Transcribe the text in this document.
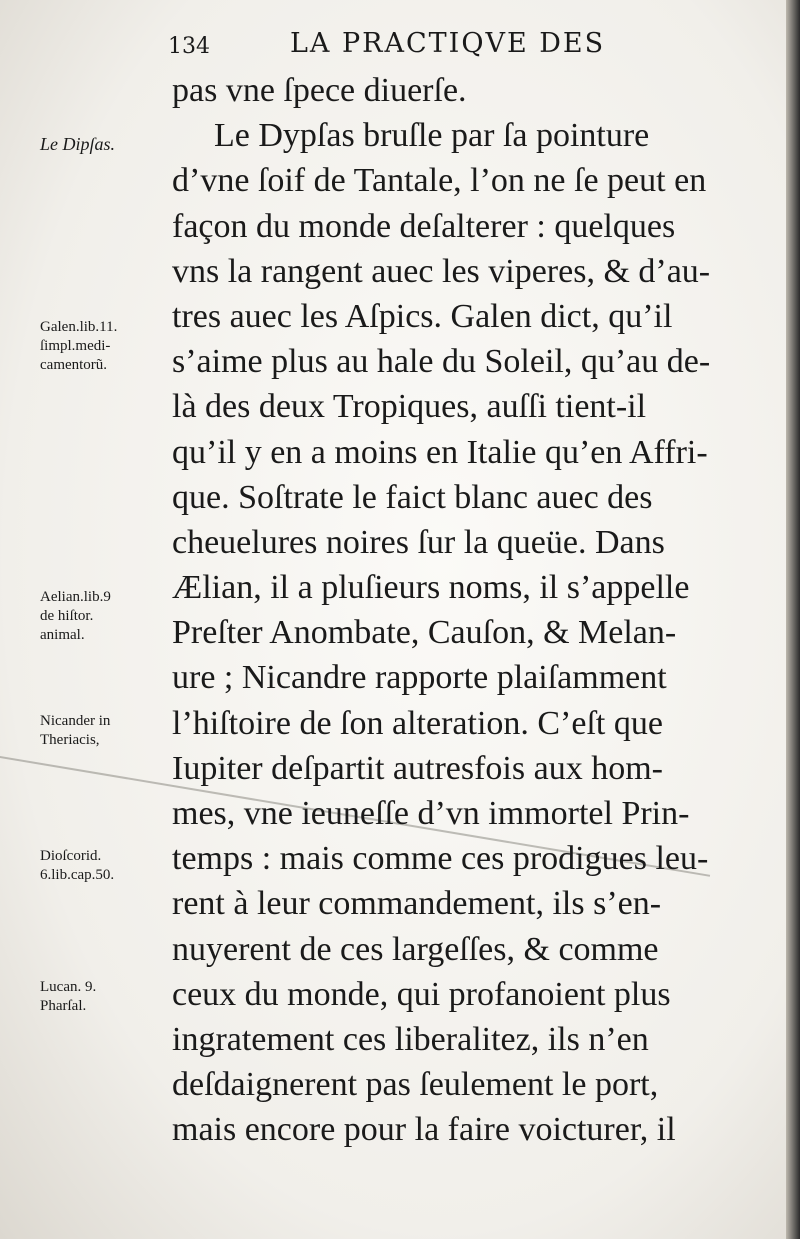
134	LA PRACTIQVE DES
pas vne ſpece diuerſe.
Le Dypſas bruſle par ſa pointure
d’vne ſoif de Tantale, l’on ne ſe peut en
façon du monde deſalterer : quelques
vns la rangent auec les viperes, & d’au-
tres auec les Aſpics. Galen dict, qu’il
s’aime plus au hale du Soleil, qu’au de-
là des deux Tropiques, auſſi tient-il
qu’il y en a moins en Italie qu’en Affri-
que. Soſtrate le faict blanc auec des
cheuelures noires ſur la queüe. Dans
Ælian, il a pluſieurs noms, il s’appelle
Preſter Anombate, Cauſon, & Melan-
ure ; Nicandre rapporte plaiſamment
l’hiſtoire de ſon alteration. C’eſt que
Iupiter deſpartit autresfois aux hom-
mes, vne ieuneſſe d’vn immortel Prin-
temps : mais comme ces prodigues leu-
rent à leur commandement, ils s’en-
nuyerent de ces largeſſes, & comme
ceux du monde, qui profanoient plus
ingratement ces liberalitez, ils n’en
deſdaignerent pas ſeulement le port,
mais encore pour la faire voicturer, il
Le Dipſas.
Galen.lib.11.
ſimpl.medi-
camentorũ.
Aelian.lib.9
de hiſtor.
animal.
Nicander in
Theriacis,
Dioſcorid.
6.lib.cap.50.
Lucan. 9.
Pharſal.
